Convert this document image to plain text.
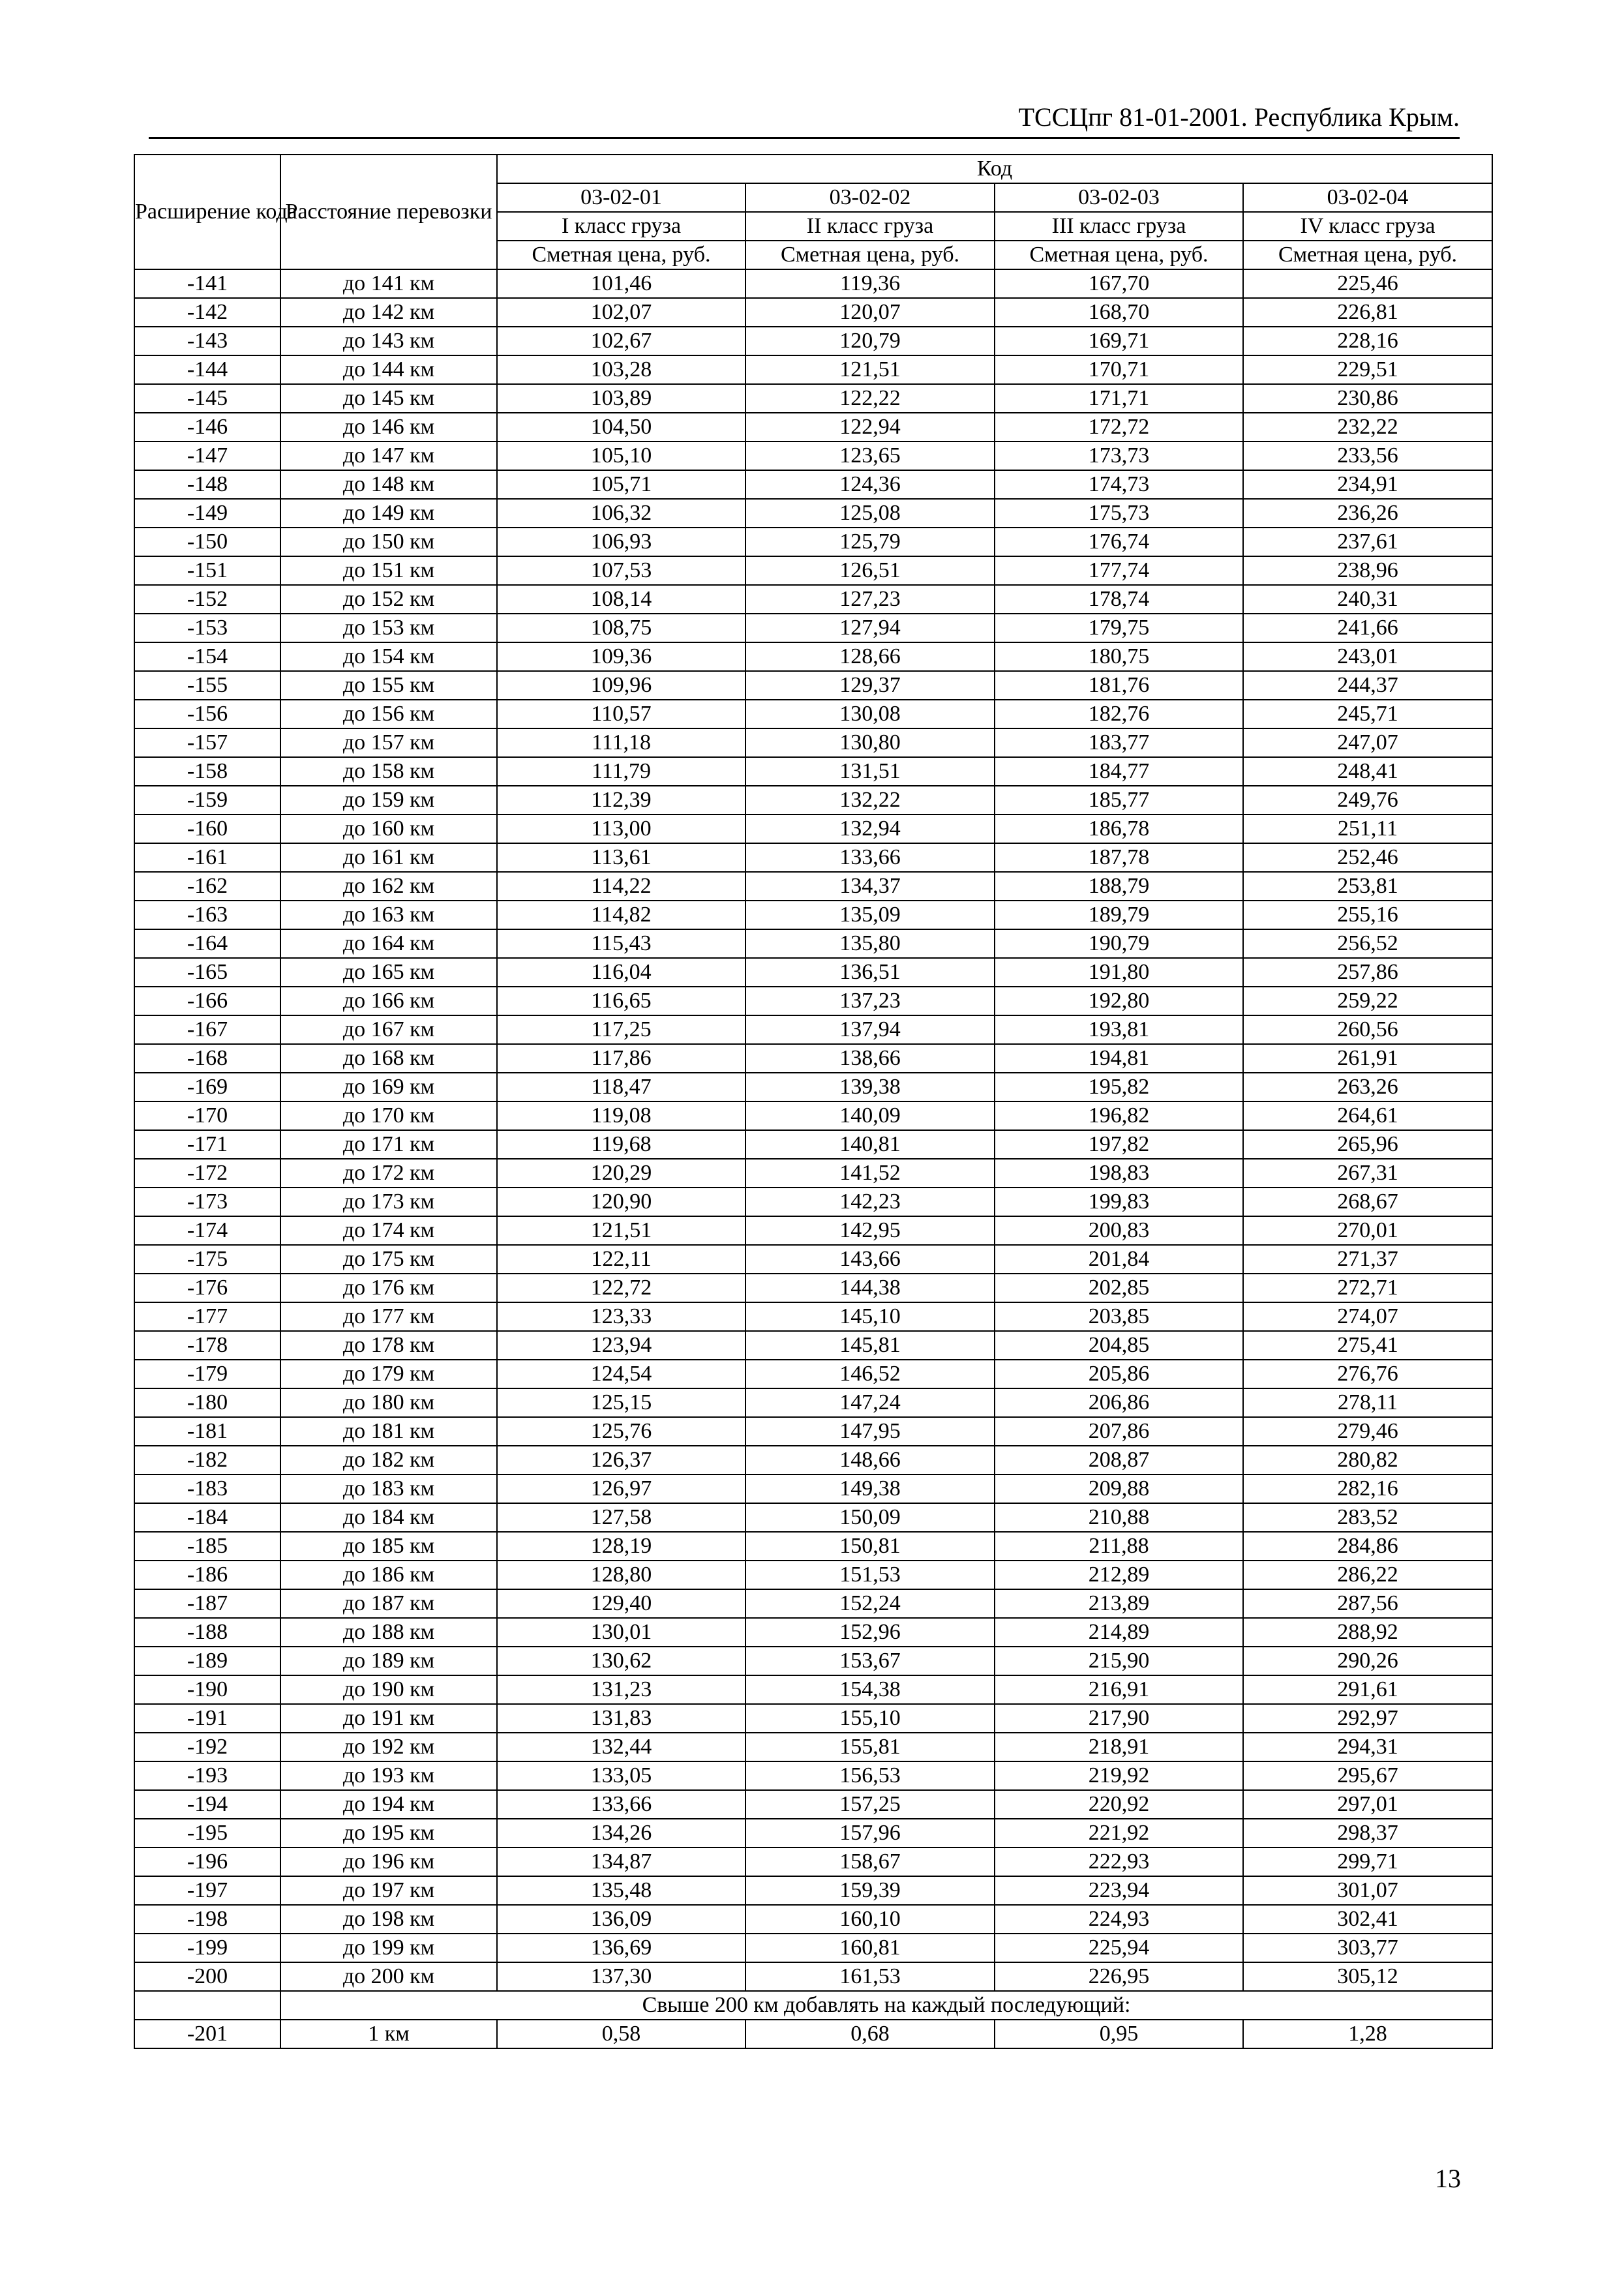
ТССЦпг 81-01-2001. Республика Крым.
Расширение кода	Расстояние перевозки	Код			
		03-02-01	03-02-02	03-02-03	03-02-04
		I класс груза	II класс груза	III класс груза	IV класс груза
		Сметная цена, руб.	Сметная цена, руб.	Сметная цена, руб.	Сметная цена, руб.
-141	до 141 км	101,46	119,36	167,70	225,46
-142	до 142 км	102,07	120,07	168,70	226,81
-143	до 143 км	102,67	120,79	169,71	228,16
-144	до 144 км	103,28	121,51	170,71	229,51
-145	до 145 км	103,89	122,22	171,71	230,86
-146	до 146 км	104,50	122,94	172,72	232,22
-147	до 147 км	105,10	123,65	173,73	233,56
-148	до 148 км	105,71	124,36	174,73	234,91
-149	до 149 км	106,32	125,08	175,73	236,26
-150	до 150 км	106,93	125,79	176,74	237,61
-151	до 151 км	107,53	126,51	177,74	238,96
-152	до 152 км	108,14	127,23	178,74	240,31
-153	до 153 км	108,75	127,94	179,75	241,66
-154	до 154 км	109,36	128,66	180,75	243,01
-155	до 155 км	109,96	129,37	181,76	244,37
-156	до 156 км	110,57	130,08	182,76	245,71
-157	до 157 км	111,18	130,80	183,77	247,07
-158	до 158 км	111,79	131,51	184,77	248,41
-159	до 159 км	112,39	132,22	185,77	249,76
-160	до 160 км	113,00	132,94	186,78	251,11
-161	до 161 км	113,61	133,66	187,78	252,46
-162	до 162 км	114,22	134,37	188,79	253,81
-163	до 163 км	114,82	135,09	189,79	255,16
-164	до 164 км	115,43	135,80	190,79	256,52
-165	до 165 км	116,04	136,51	191,80	257,86
-166	до 166 км	116,65	137,23	192,80	259,22
-167	до 167 км	117,25	137,94	193,81	260,56
-168	до 168 км	117,86	138,66	194,81	261,91
-169	до 169 км	118,47	139,38	195,82	263,26
-170	до 170 км	119,08	140,09	196,82	264,61
-171	до 171 км	119,68	140,81	197,82	265,96
-172	до 172 км	120,29	141,52	198,83	267,31
-173	до 173 км	120,90	142,23	199,83	268,67
-174	до 174 км	121,51	142,95	200,83	270,01
-175	до 175 км	122,11	143,66	201,84	271,37
-176	до 176 км	122,72	144,38	202,85	272,71
-177	до 177 км	123,33	145,10	203,85	274,07
-178	до 178 км	123,94	145,81	204,85	275,41
-179	до 179 км	124,54	146,52	205,86	276,76
-180	до 180 км	125,15	147,24	206,86	278,11
-181	до 181 км	125,76	147,95	207,86	279,46
-182	до 182 км	126,37	148,66	208,87	280,82
-183	до 183 км	126,97	149,38	209,88	282,16
-184	до 184 км	127,58	150,09	210,88	283,52
-185	до 185 км	128,19	150,81	211,88	284,86
-186	до 186 км	128,80	151,53	212,89	286,22
-187	до 187 км	129,40	152,24	213,89	287,56
-188	до 188 км	130,01	152,96	214,89	288,92
-189	до 189 км	130,62	153,67	215,90	290,26
-190	до 190 км	131,23	154,38	216,91	291,61
-191	до 191 км	131,83	155,10	217,90	292,97
-192	до 192 км	132,44	155,81	218,91	294,31
-193	до 193 км	133,05	156,53	219,92	295,67
-194	до 194 км	133,66	157,25	220,92	297,01
-195	до 195 км	134,26	157,96	221,92	298,37
-196	до 196 км	134,87	158,67	222,93	299,71
-197	до 197 км	135,48	159,39	223,94	301,07
-198	до 198 км	136,09	160,10	224,93	302,41
-199	до 199 км	136,69	160,81	225,94	303,77
-200	до 200 км	137,30	161,53	226,95	305,12
	Свыше 200 км добавлять на каждый последующий:				
-201	1 км	0,58	0,68	0,95	1,28
13
